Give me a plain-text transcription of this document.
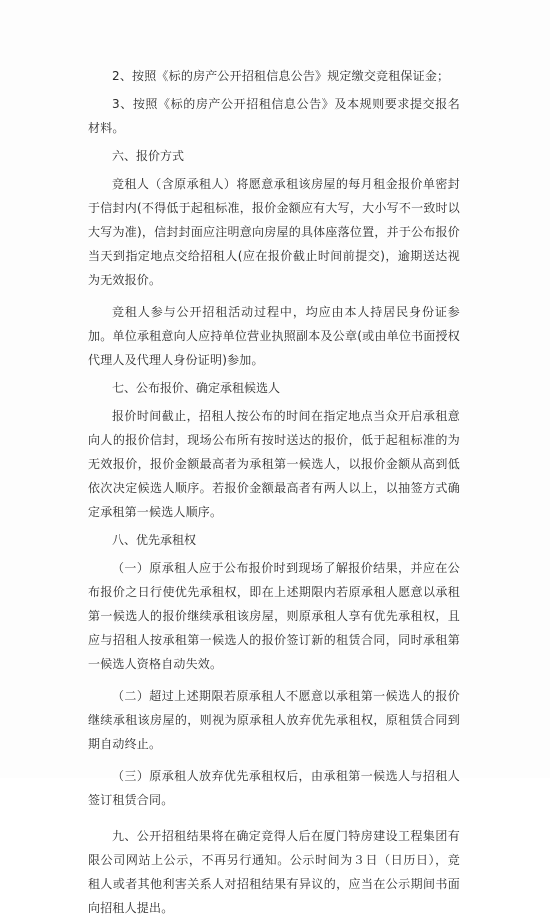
2、按照《标的房产公开招租信息公告》规定缴交竞租保证金；

3、按照《标的房产公开招租信息公告》及本规则要求提交报名材料。

六、报价方式

竞租人（含原承租人）将愿意承租该房屋的每月租金报价单密封于信封内(不得低于起租标准，报价金额应有大写，大小写不一致时以大写为准)，信封封面应注明意向房屋的具体座落位置，并于公布报价当天到指定地点交给招租人(应在报价截止时间前提交)，逾期送达视为无效报价。

竞租人参与公开招租活动过程中，均应由本人持居民身份证参加。单位承租意向人应持单位营业执照副本及公章(或由单位书面授权代理人及代理人身份证明)参加。

七、公布报价、确定承租候选人

报价时间截止，招租人按公布的时间在指定地点当众开启承租意向人的报价信封，现场公布所有按时送达的报价，低于起租标准的为无效报价，报价金额最高者为承租第一候选人，以报价金额从高到低依次决定候选人顺序。若报价金额最高者有两人以上，以抽签方式确定承租第一候选人顺序。

八、优先承租权

（一）原承租人应于公布报价时到现场了解报价结果，并应在公布报价之日行使优先承租权，即在上述期限内若原承租人愿意以承租第一候选人的报价继续承租该房屋，则原承租人享有优先承租权，且应与招租人按承租第一候选人的报价签订新的租赁合同，同时承租第一候选人资格自动失效。

（二）超过上述期限若原承租人不愿意以承租第一候选人的报价继续承租该房屋的，则视为原承租人放弃优先承租权，原租赁合同到期自动终止。

（三）原承租人放弃优先承租权后，由承租第一候选人与招租人签订租赁合同。

九、公开招租结果将在确定竞得人后在厦门特房建设工程集团有限公司网站上公示，不再另行通知。公示时间为３日（日历日），竞租人或者其他利害关系人对招租结果有异议的，应当在公示期间书面向招租人提出。
